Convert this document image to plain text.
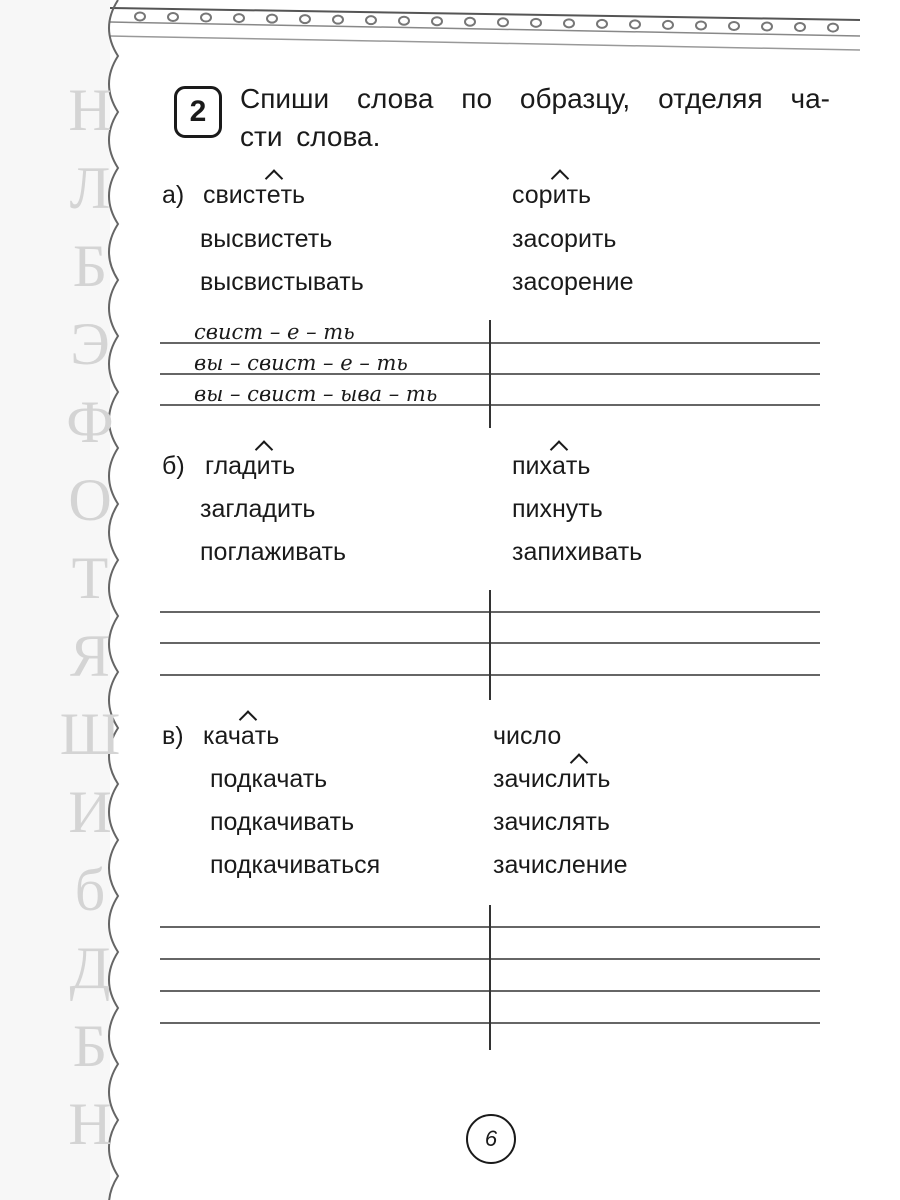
Н
Л
Б
Э
Ф
О
Т
Я
Ш
И
б
Д
Б
Н
2	Спиши слова по образцу, отделяя ча-
сти слова.
а) свистеть
высвистеть
высвистывать
сорить
засорить
засорение
свист – е – ть
вы – свист – е – ть
вы – свист – ыва – ть
б) гладить
загладить
поглаживать
пихать
пихнуть
запихивать
в) качать
подкачать
подкачивать
подкачиваться
число
зачислить
зачислять
зачисление
6
